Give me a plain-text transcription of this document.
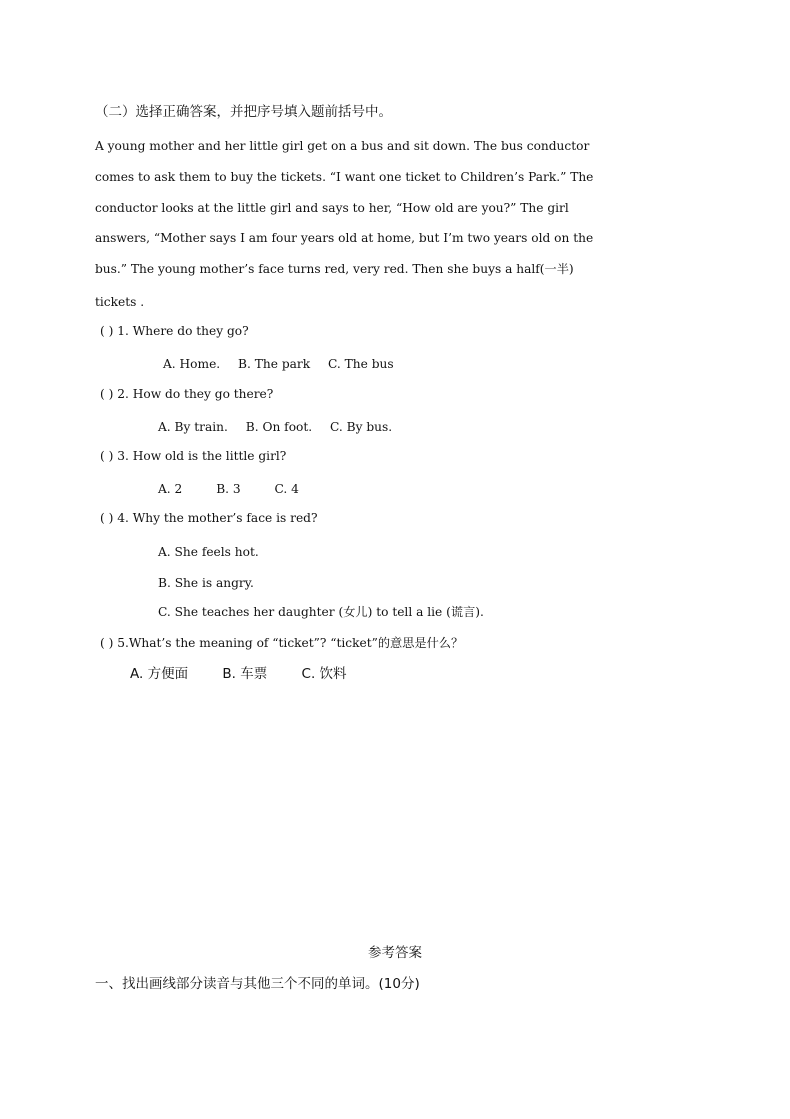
（二）选择正确答案，并把序号填入题前括号中。
A young mother and her little girl get on a bus and sit down. The bus conductor
comes to ask them to buy the tickets. “I want one ticket to Children’s Park.” The
conductor looks at the little girl and says to her, “How old are you?” The girl
answers, “Mother says I am four years old at home, but I’m two years old on the
bus.” The young mother’s face turns red, very red. Then she buys a half(一半)
tickets .
( ) 1. Where do they go?
A. Home. B. The park C. The bus
( ) 2. How do they go there?
A. By train. B. On foot. C. By bus.
( ) 3. How old is the little girl?
A. 2	B. 3	C. 4
( ) 4. Why the mother’s face is red?
A. She feels hot.
B. She is angry.
C. She teaches her daughter (女儿) to tell a lie (谎言).
( ) 5.What’s the meaning of “ticket”? “ticket”的意思是什么？
A. 方便面	B. 车票	C. 饮料
参考答案
一、找出画线部分读音与其他三个不同的单词。(10分)
